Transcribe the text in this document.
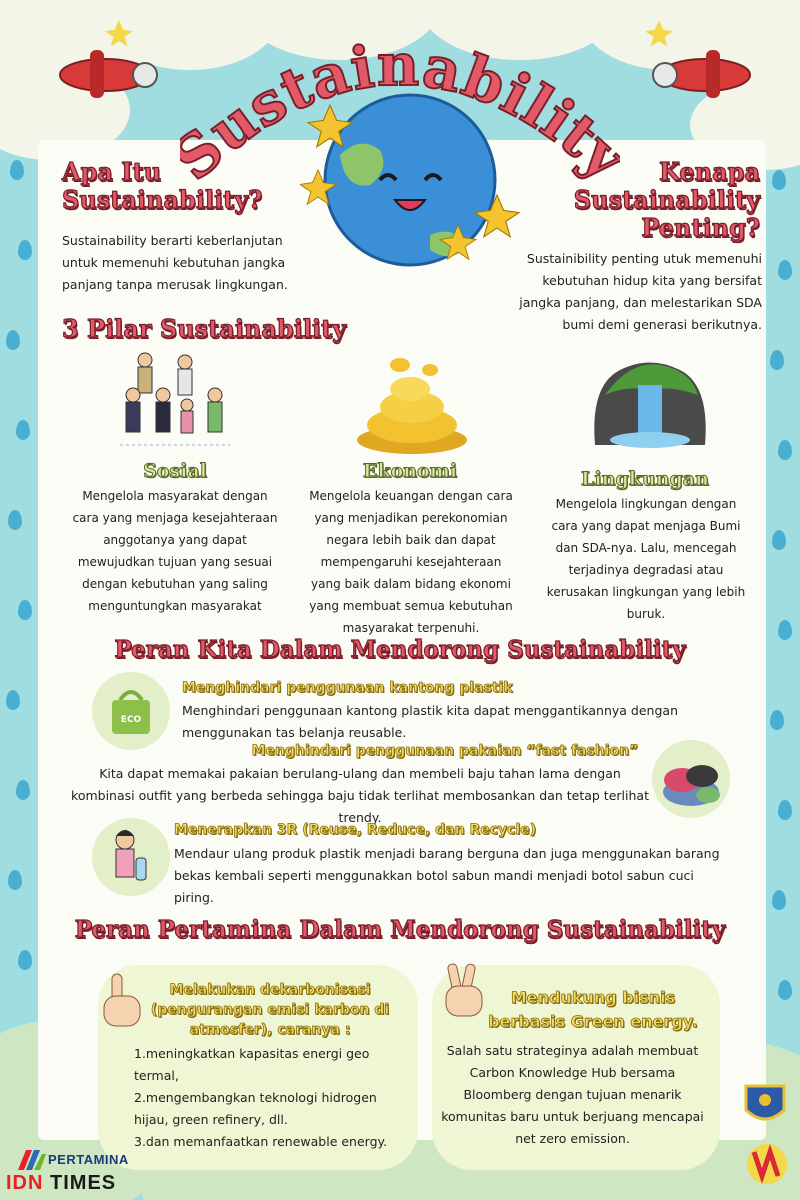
ustainabilit
Apa Itu Sustainability?
Sustainability berarti keberlanjutan untuk memenuhi kebutuhan jangka panjang tanpa merusak lingkungan.
Kenapa Sustainability Penting?
Sustainibility penting utuk memenuhi kebutuhan hidup kita yang bersifat jangka panjang, dan melestarikan SDA bumi demi generasi berikutnya.
3 Pilar Sustainability
Sosial
Mengelola masyarakat dengan cara yang menjaga kesejahteraan anggotanya yang dapat mewujudkan tujuan yang sesuai dengan kebutuhan yang saling menguntungkan masyarakat
Ekonomi
Mengelola keuangan dengan cara yang menjadikan perekonomian negara lebih baik dan dapat mempengaruhi kesejahteraan yang baik dalam bidang ekonomi yang membuat semua kebutuhan masyarakat terpenuhi.
Lingkungan
Mengelola lingkungan dengan cara yang dapat menjaga Bumi dan SDA-nya. Lalu, mencegah terjadinya degradasi atau kerusakan lingkungan yang lebih buruk.
Peran Kita Dalam Mendorong Sustainability
ECO
Menghindari penggunaan kantong plastik
Menghindari penggunaan kantong plastik kita dapat menggantikannya dengan menggunakan tas belanja reusable.
Menghindari penggunaan pakaian “fast fashion”
Kita dapat memakai pakaian berulang-ulang dan membeli baju tahan lama dengan kombinasi outfit yang berbeda sehingga baju tidak terlihat membosankan dan tetap terlihat trendy.
Menerapkan 3R (Reuse, Reduce, dan Recycle)
Mendaur ulang produk plastik menjadi barang berguna dan juga menggunakan barang bekas kembali seperti menggunakkan botol sabun mandi menjadi botol sabun cuci piring.
Peran Pertamina Dalam Mendorong Sustainability
Melakukan dekarbonisasi (pengurangan emisi karbon di atmosfer), caranya :
1.meningkatkan kapasitas energi geo termal,
2.mengembangkan teknologi hidrogen hijau, green refinery, dll.
3.dan memanfaatkan renewable energy.
Mendukung bisnis berbasis Green energy.
Salah satu strateginya adalah membuat Carbon Knowledge Hub bersama Bloomberg dengan tujuan menarik komunitas baru untuk berjuang mencapai net zero emission.
PERTAMINA
IDN TIMES
